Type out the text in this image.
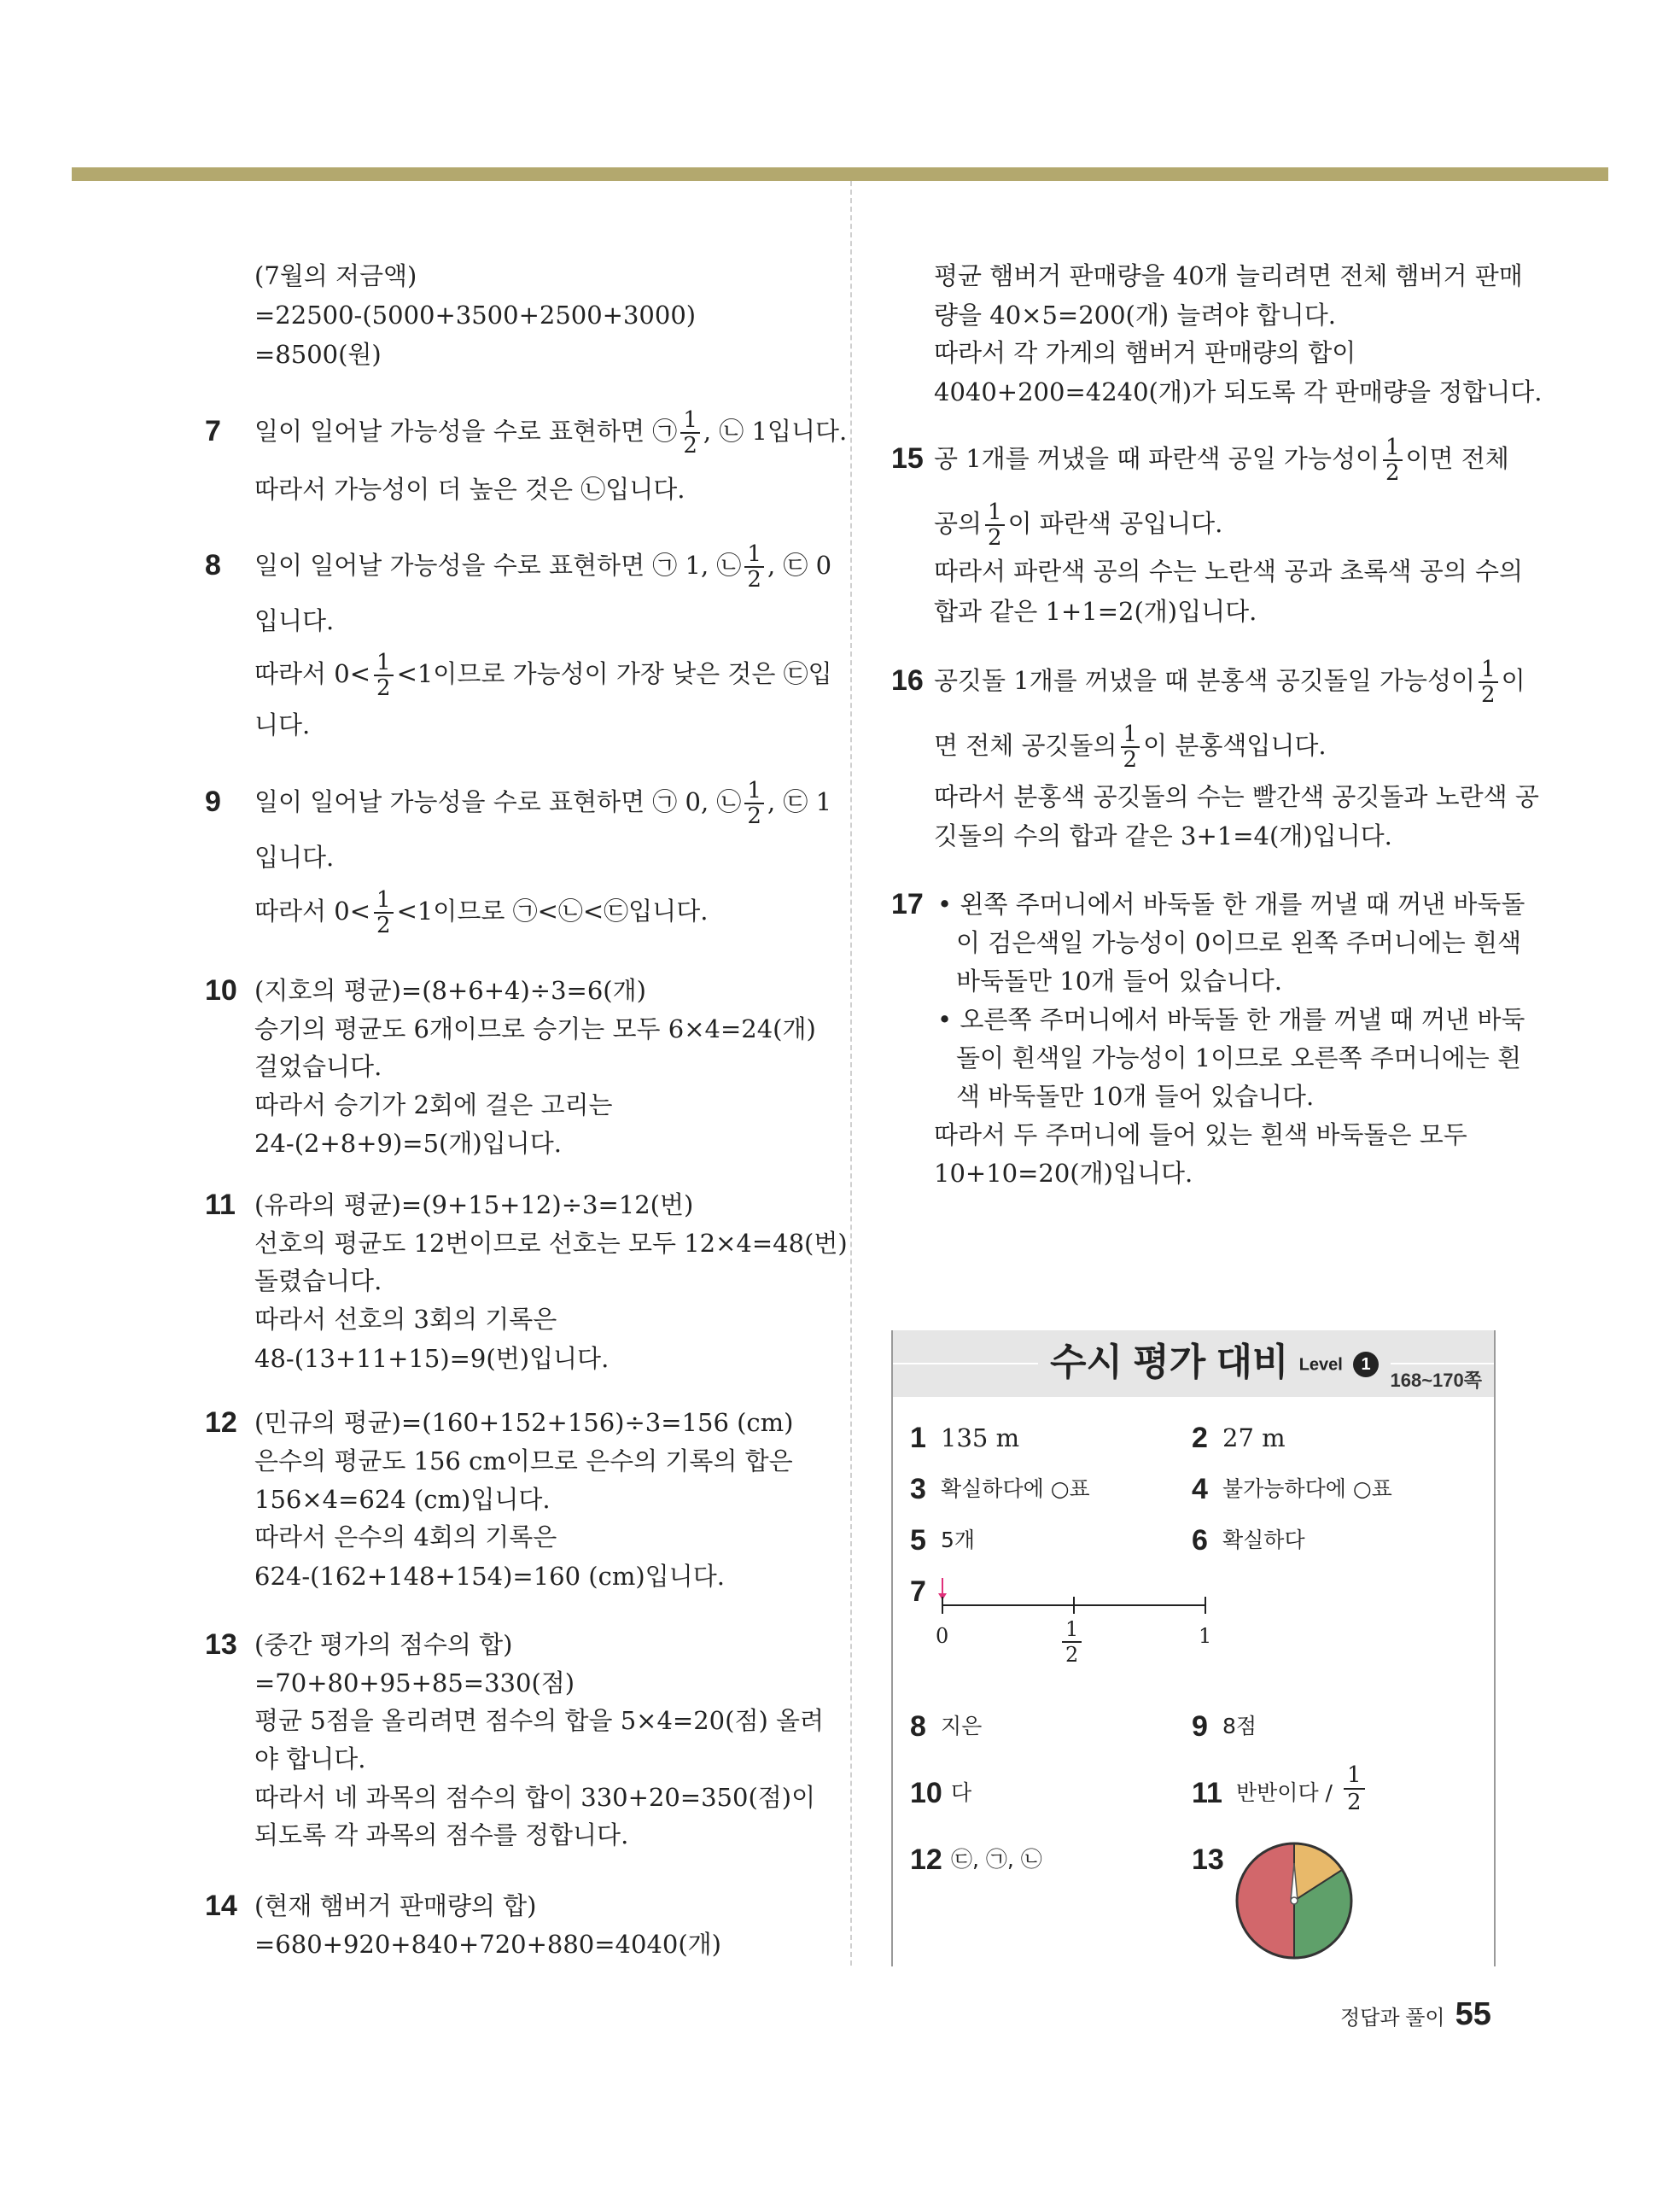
(7월의 저금액)
=22500-(5000+3500+2500+3000)
=8500(원)
7 일이 일어날 가능성을 수로 표현하면 ㉠ $\frac{1}{2}$ , ㉡ 1입니다.
따라서 가능성이 더 높은 것은 ㉡입니다.
8 일이 일어날 가능성을 수로 표현하면 ㉠ 1, ㉡ $\frac{1}{2}$ , ㉢ 0
입니다.
따라서 $0< \frac{1}{2} <1$이므로 가능성이 가장 낮은 것은 ㉢입
니다.
9 일이 일어날 가능성을 수로 표현하면 ㉠ 0, ㉡ $\frac{1}{2}$ , ㉢ 1
입니다.
따라서 $0< \frac{1}{2} <1$이므로 ㉠<㉡<㉢입니다.
10 (지호의 평균)=(8+6+4)÷3=6(개)
승기의 평균도 6개이므로 승기는 모두 6×4=24(개)
걸었습니다.
따라서 승기가 2회에 걸은 고리는
24-(2+8+9)=5(개)입니다.
11 (유라의 평균)=(9+15+12)÷3=12(번)
선호의 평균도 12번이므로 선호는 모두 12×4=48(번)
돌렸습니다.
따라서 선호의 3회의 기록은
48-(13+11+15)=9(번)입니다.
12 (민규의 평균)=(160+152+156)÷3=156 (cm)
은수의 평균도 156 cm이므로 은수의 기록의 합은
156×4=624 (cm)입니다.
따라서 은수의 4회의 기록은
624-(162+148+154)=160 (cm)입니다.
13 (중간 평가의 점수의 합)
=70+80+95+85=330(점)
평균 5점을 올리려면 점수의 합을 5×4=20(점) 올려
야 합니다.
따라서 네 과목의 점수의 합이 330+20=350(점)이
되도록 각 과목의 점수를 정합니다.
14 (현재 햄버거 판매량의 합)
=680+920+840+720+880=4040(개)
평균 햄버거 판매량을 40개 늘리려면 전체 햄버거 판매
량을 40×5=200(개) 늘려야 합니다.
따라서 각 가게의 햄버거 판매량의 합이
4040+200=4240(개)가 되도록 각 판매량을 정합니다.
15 공 1개를 꺼냈을 때 파란색 공일 가능성이 $\frac{1}{2}$ 이면 전체
공의 $\frac{1}{2}$ 이 파란색 공입니다.
따라서 파란색 공의 수는 노란색 공과 초록색 공의 수의
합과 같은 1+1=2(개)입니다.
16 공깃돌 1개를 꺼냈을 때 분홍색 공깃돌일 가능성이 $\frac{1}{2}$ 이
면 전체 공깃돌의 $\frac{1}{2}$ 이 분홍색입니다.
따라서 분홍색 공깃돌의 수는 빨간색 공깃돌과 노란색 공
깃돌의 수의 합과 같은 3+1=4(개)입니다.
17 • 왼쪽 주머니에서 바둑돌 한 개를 꺼낼 때 꺼낸 바둑돌
이 검은색일 가능성이 0이므로 왼쪽 주머니에는 흰색
바둑돌만 10개 들어 있습니다.
• 오른쪽 주머니에서 바둑돌 한 개를 꺼낼 때 꺼낸 바둑
돌이 흰색일 가능성이 1이므로 오른쪽 주머니에는 흰
색 바둑돌만 10개 들어 있습니다.
따라서 두 주머니에 들어 있는 흰색 바둑돌은 모두
10+10=20(개)입니다.
수시 평가 대비 Level 1
168~170쪽
1 135 m	2 27 m
3 확실하다에 ○표	4 불가능하다에 ○표
5 5개	6 확실하다
7
0	1
2
1
8 지은	9 8점
10 다	11 반반이다 /
1
2
12 ㉢, ㉠, ㉡	13
정답과 풀이 55
